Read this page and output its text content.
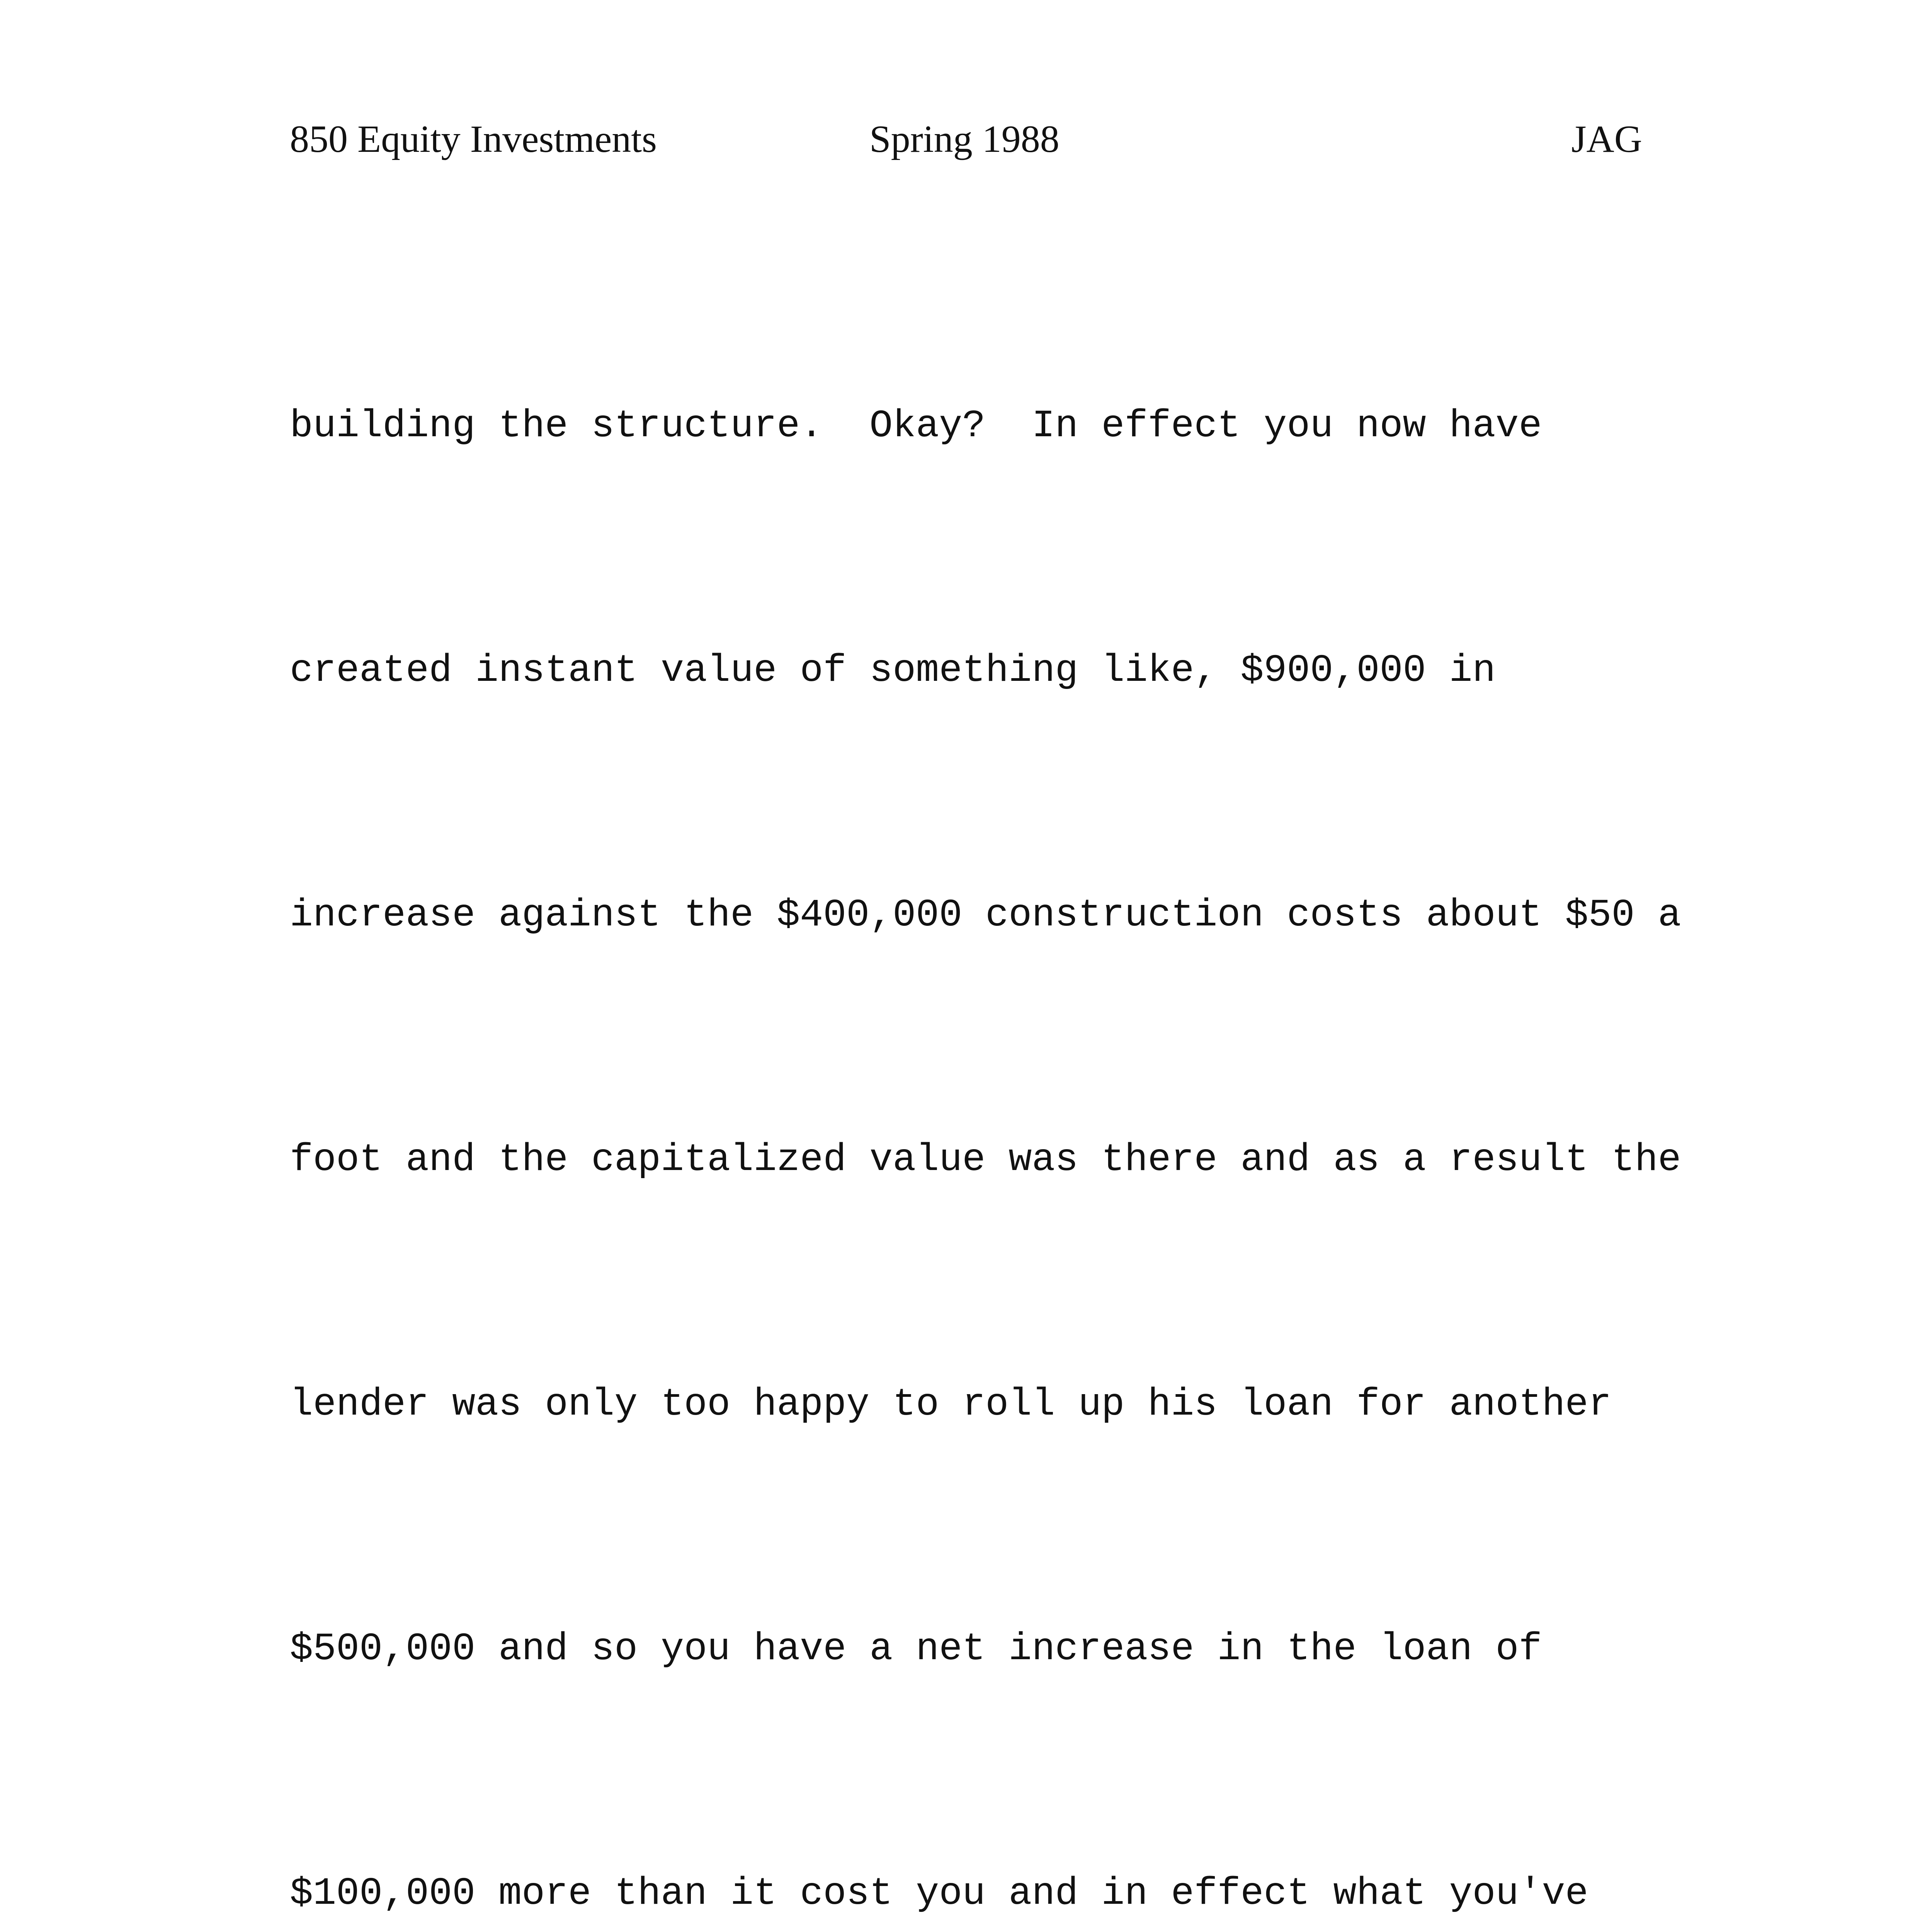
850 Equity Investments	Spring 1988	JAG

building the structure.  Okay?  In effect you now have

created instant value of something like, $900,000 in

increase against the $400,000 construction costs about $50 a

foot and the capitalized value was there and as a result the

lender was only too happy to roll up his loan for another

$500,000 and so you have a net increase in the loan of

$100,000 more than it cost you and in effect what you've
